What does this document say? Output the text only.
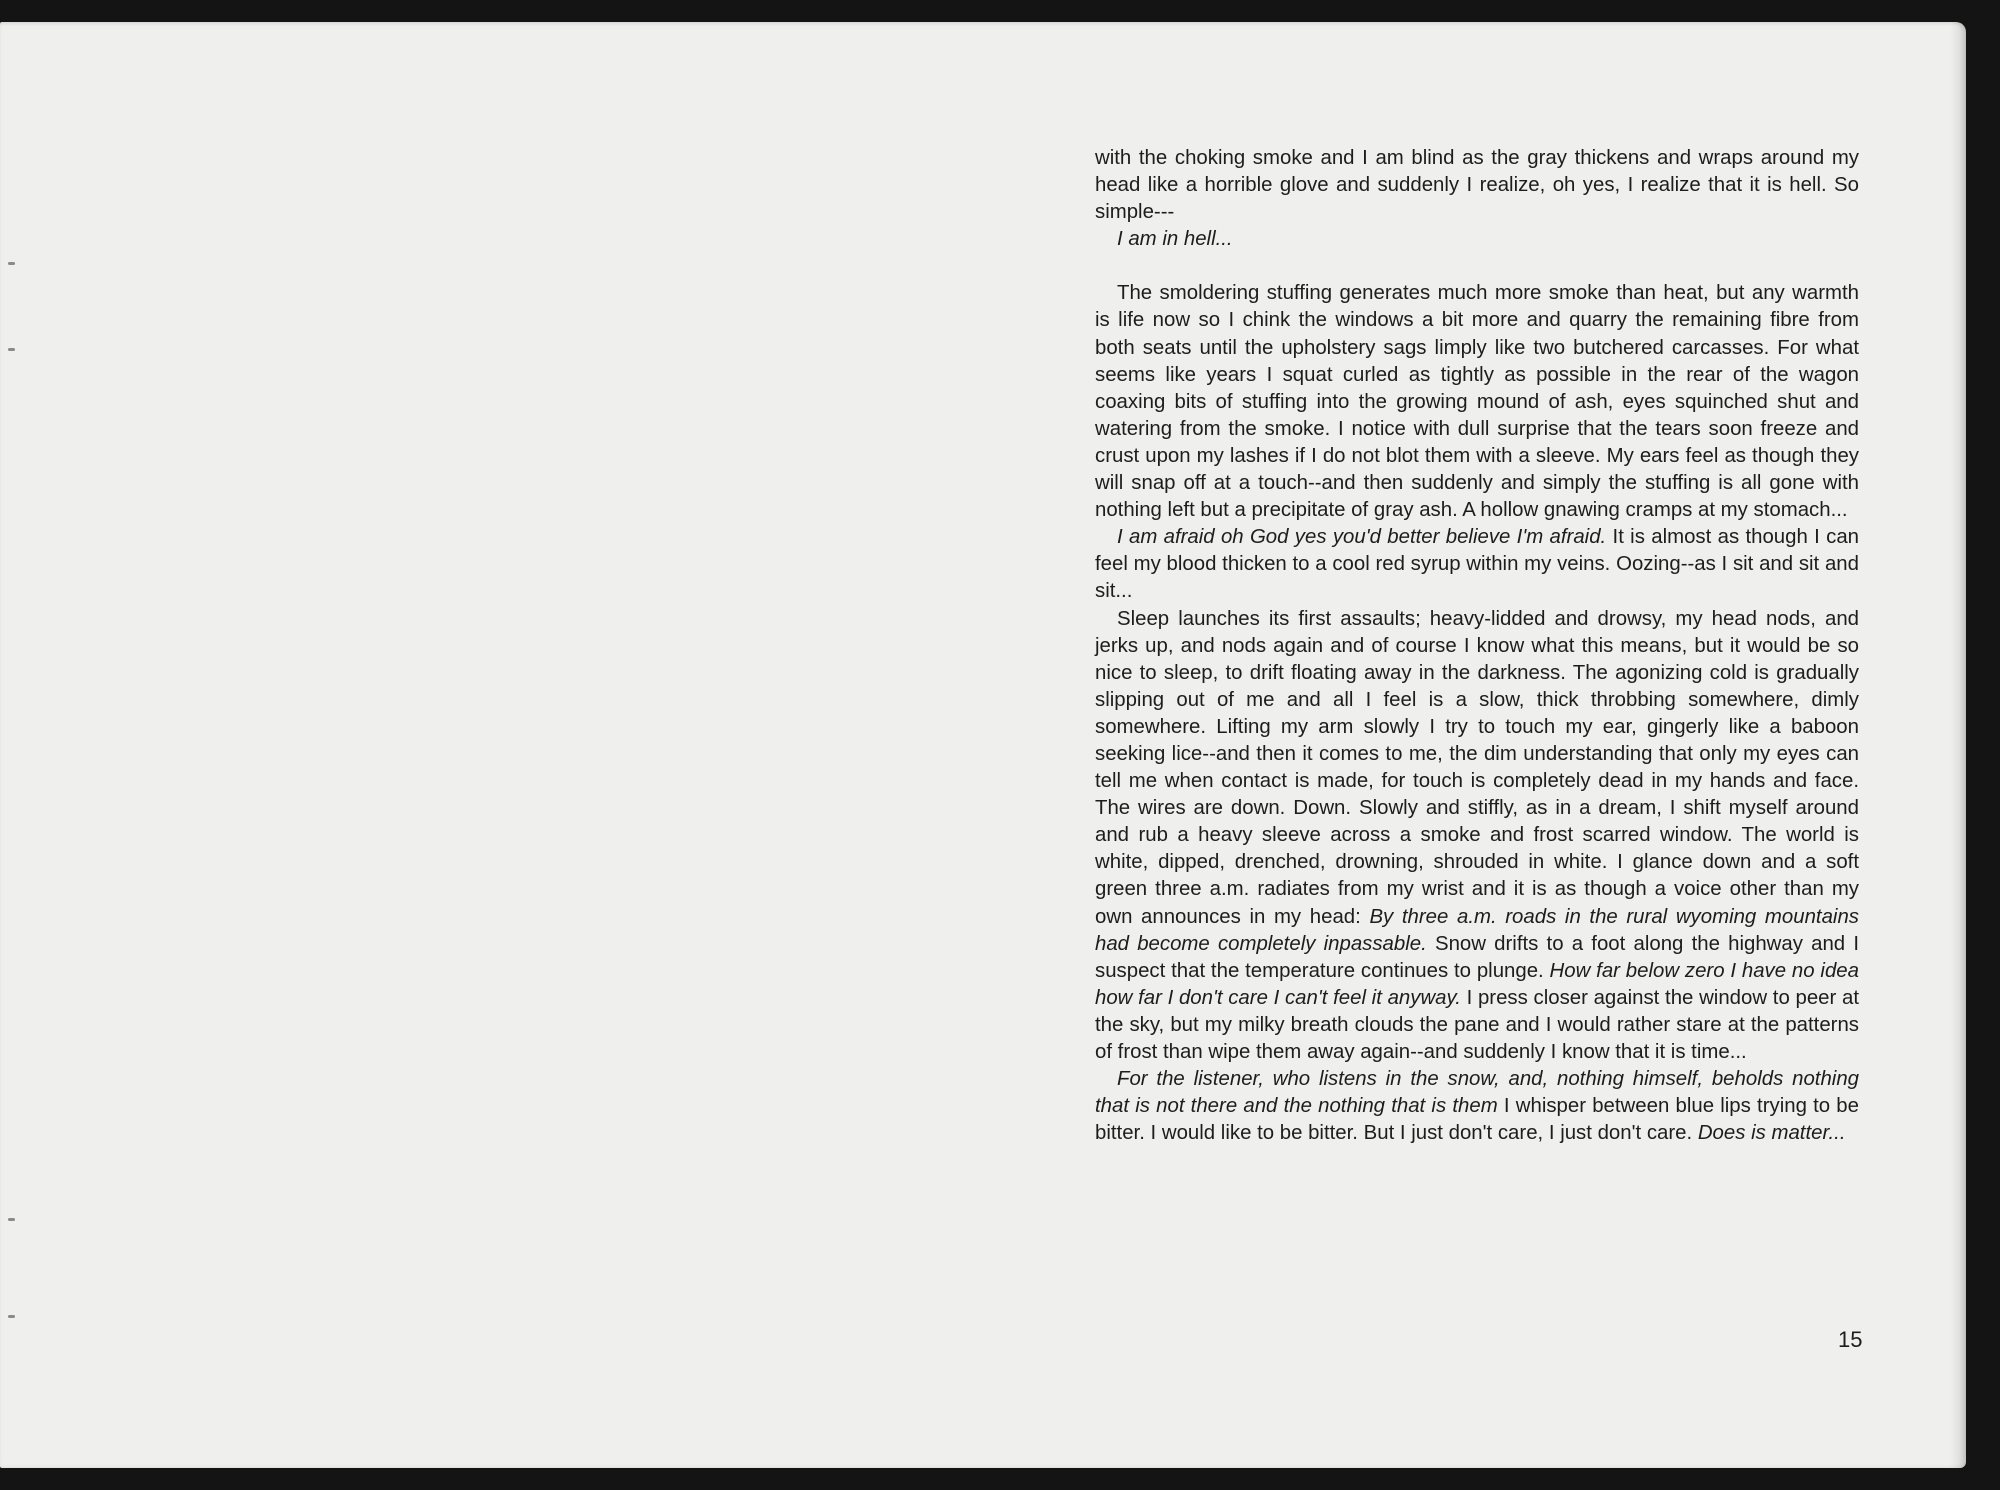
with the choking smoke and I am blind as the gray thickens and wraps around my head like a horrible glove and suddenly I realize, oh yes, I realize that it is hell. So simple---

I am in hell...

The smoldering stuffing generates much more smoke than heat, but any warmth is life now so I chink the windows a bit more and quarry the remaining fibre from both seats until the upholstery sags limply like two butchered carcasses. For what seems like years I squat curled as tightly as possible in the rear of the wagon coaxing bits of stuffing into the growing mound of ash, eyes squinched shut and watering from the smoke. I notice with dull surprise that the tears soon freeze and crust upon my lashes if I do not blot them with a sleeve. My ears feel as though they will snap off at a touch--and then suddenly and simply the stuffing is all gone with nothing left but a precipitate of gray ash. A hollow gnawing cramps at my stomach...

I am afraid oh God yes you'd better believe I'm afraid. It is almost as though I can feel my blood thicken to a cool red syrup within my veins. Oozing--as I sit and sit and sit...

Sleep launches its first assaults; heavy-lidded and drowsy, my head nods, and jerks up, and nods again and of course I know what this means, but it would be so nice to sleep, to drift floating away in the darkness. The agonizing cold is gradually slipping out of me and all I feel is a slow, thick throbbing somewhere, dimly somewhere. Lifting my arm slowly I try to touch my ear, gingerly like a baboon seeking lice--and then it comes to me, the dim understanding that only my eyes can tell me when contact is made, for touch is completely dead in my hands and face. The wires are down. Down. Slowly and stiffly, as in a dream, I shift myself around and rub a heavy sleeve across a smoke and frost scarred window. The world is white, dipped, drenched, drowning, shrouded in white. I glance down and a soft green three a.m. radiates from my wrist and it is as though a voice other than my own announces in my head: By three a.m. roads in the rural wyoming mountains had become completely inpassable. Snow drifts to a foot along the highway and I suspect that the temperature continues to plunge. How far below zero I have no idea how far I don't care I can't feel it anyway. I press closer against the window to peer at the sky, but my milky breath clouds the pane and I would rather stare at the patterns of frost than wipe them away again--and suddenly I know that it is time...

For the listener, who listens in the snow, and, nothing himself, beholds nothing that is not there and the nothing that is them I whisper between blue lips trying to be bitter. I would like to be bitter. But I just don't care, I just don't care. Does is matter...

15
